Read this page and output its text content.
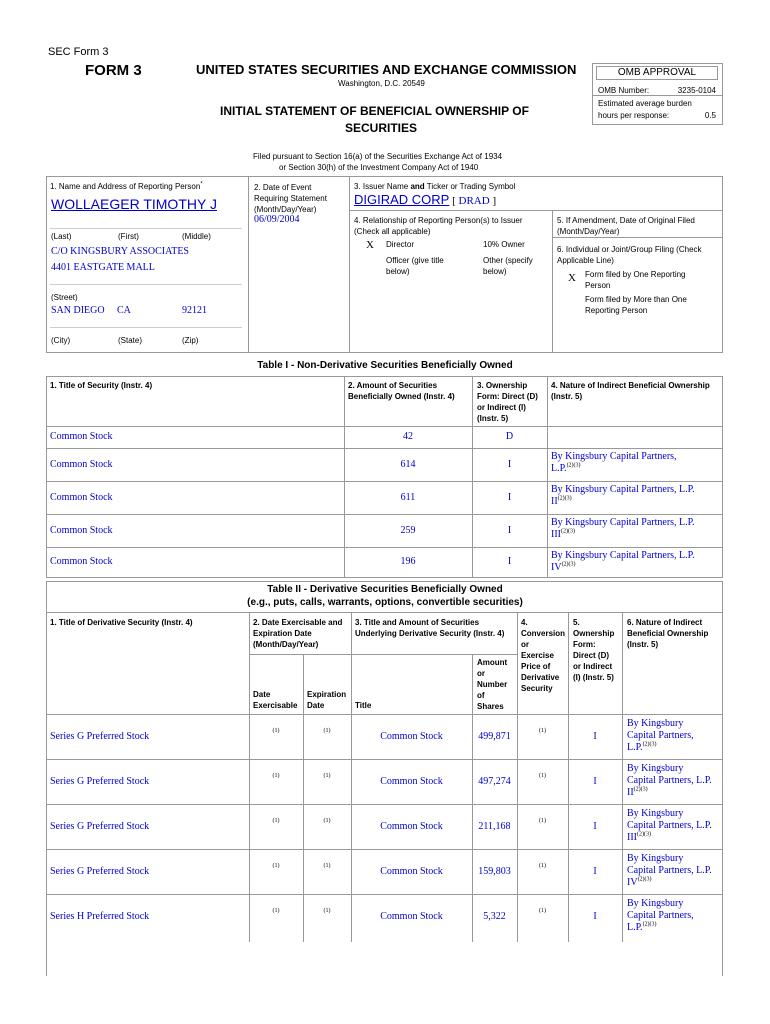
SEC Form 3
FORM 3	UNITED STATES SECURITIES AND EXCHANGE COMMISSION
Washington, D.C. 20549
INITIAL STATEMENT OF BENEFICIAL OWNERSHIP OF
SECURITIES
Filed pursuant to Section 16(a) of the Securities Exchange Act of 1934
or Section 30(h) of the Investment Company Act of 1940
OMB APPROVAL
OMB Number:	3235-0104
Estimated average burden
hours per response:	0.5
1. Name and Address of Reporting Person*
WOLLAEGER TIMOTHY J
(Last)	(First)	(Middle)
C/O KINGSBURY ASSOCIATES
4401 EASTGATE MALL
(Street)
SAN DIEGO CA	92121
(City)	(State)	(Zip)
2. Date of Event
Requiring Statement
(Month/Day/Year)
06/09/2004
3. Issuer Name and Ticker or Trading Symbol
DIGIRAD CORP [ DRAD ]
4. Relationship of Reporting Person(s) to Issuer
(Check all applicable)
X Director	10% Owner
Officer (give title
below)
Other (specify
below)
5. If Amendment, Date of Original Filed
(Month/Day/Year)
6. Individual or Joint/Group Filing (Check
Applicable Line)
X Form filed by One Reporting
Person
Form filed by More than One
Reporting Person
Table I - Non-Derivative Securities Beneficially Owned
1. Title of Security (Instr. 4)	2. Amount of Securities
Beneficially Owned (Instr. 4)
3. Ownership
Form: Direct (D)
or Indirect (I)
(Instr. 5)
4. Nature of Indirect Beneficial Ownership
(Instr. 5)
Common Stock	42	D
Common Stock	614	I
By Kingsbury Capital Partners,
L.P.$^{(2)(3)}$
Common Stock	611	I
By Kingsbury Capital Partners, L.P.
$II^{(2)(3)}$
Common Stock	259	I
By Kingsbury Capital Partners, L.P.
$III^{(2)(3)}$
Common Stock	196	I
By Kingsbury Capital Partners, L.P.
$IV^{(2)(3)}$
Table II - Derivative Securities Beneficially Owned
(e.g., puts, calls, warrants, options, convertible securities)
1. Title of Derivative Security (Instr. 4)	2. Date Exercisable and
Expiration Date
(Month/Day/Year)
Date
Exercisable
Expiration
Date
3. Title and Amount of Securities
Underlying Derivative Security (Instr. 4)
Title
Amount
or
Number
of
Shares
4.
Conversion
or
Exercise
Price of
Derivative
Security
5.
Ownership
Form:
Direct (D)
or Indirect
(I) (Instr. 5)
6. Nature of Indirect
Beneficial Ownership
(Instr. 5)
Series G Preferred Stock	(1)	(1)	Common Stock	499,871	(1)	I
By Kingsbury
Capital Partners,
L.P.$^{(2)(3)}$
Series G Preferred Stock	(1)	(1)	Common Stock	497,274	(1)	I
By Kingsbury
Capital Partners, L.P.
$II^{(2)(3)}$
Series G Preferred Stock	(1)	(1)	Common Stock	211,168	(1)	I
By Kingsbury
Capital Partners, L.P.
$III^{(2)(3)}$
Series G Preferred Stock	(1)	(1)	Common Stock	159,803	(1)	I
By Kingsbury
Capital Partners, L.P.
$IV^{(2)(3)}$
Series H Preferred Stock	(1)	(1)	Common Stock	5,322	(1)	I
By Kingsbury
Capital Partners,
L.P.$^{(2)(3)}$
